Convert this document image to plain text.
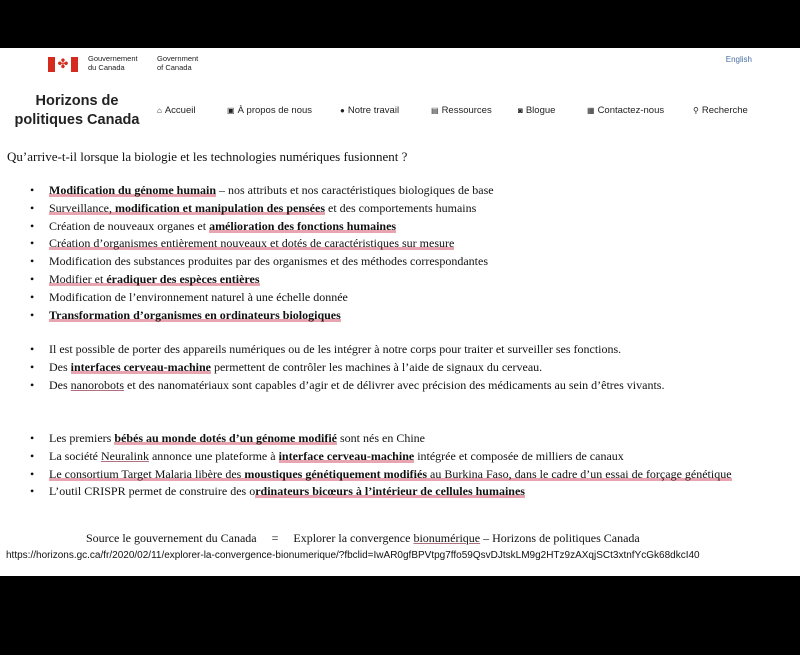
✤	Gouvernement
du Canada
Government
of Canada
English
Horizons de
politiques Canada
⌂ Accueil	▣ À propos de nous	● Notre travail	▤ Ressources	◙ Blogue	▦ Contactez-nous	⚲ Recherche
Qu’arrive-t-il lorsque la biologie et les technologies numériques fusionnent ?
• Modification du génome humain – nos attributs et nos caractéristiques biologiques de base
• Surveillance, modification et manipulation des pensées et des comportements humains
• Création de nouveaux organes et amélioration des fonctions humaines
• Création d’organismes entièrement nouveaux et dotés de caractéristiques sur mesure
• Modification des substances produites par des organismes et des méthodes correspondantes
• Modifier et éradiquer des espèces entières
• Modification de l’environnement naturel à une échelle donnée
• Transformation d’organismes en ordinateurs biologiques
• Il est possible de porter des appareils numériques ou de les intégrer à notre corps pour traiter et surveiller ses fonctions.
• Des interfaces cerveau-machine permettent de contrôler les machines à l’aide de signaux du cerveau.
• Des nanorobots et des nanomatériaux sont capables d’agir et de délivrer avec précision des médicaments au sein d’êtres vivants.
• Les premiers bébés au monde dotés d’un génome modifié sont nés en Chine
• La société Neuralink annonce une plateforme à interface cerveau-machine intégrée et composée de milliers de canaux
• Le consortium Target Malaria libère des moustiques génétiquement modifiés au Burkina Faso, dans le cadre d’un essai de forçage génétique
• L’outil CRISPR permet de construire des ordinateurs bicœurs à l’intérieur de cellules humaines
Source le gouvernement du Canada = Explorer la convergence bionumérique – Horizons de politiques Canada
https://horizons.gc.ca/fr/2020/02/11/explorer-la-convergence-bionumerique/?fbclid=IwAR0gfBPVtpg7ffo59QsvDJtskLM9g2HTz9zAXqjSCt3xtnfYcGk68dkcI40
